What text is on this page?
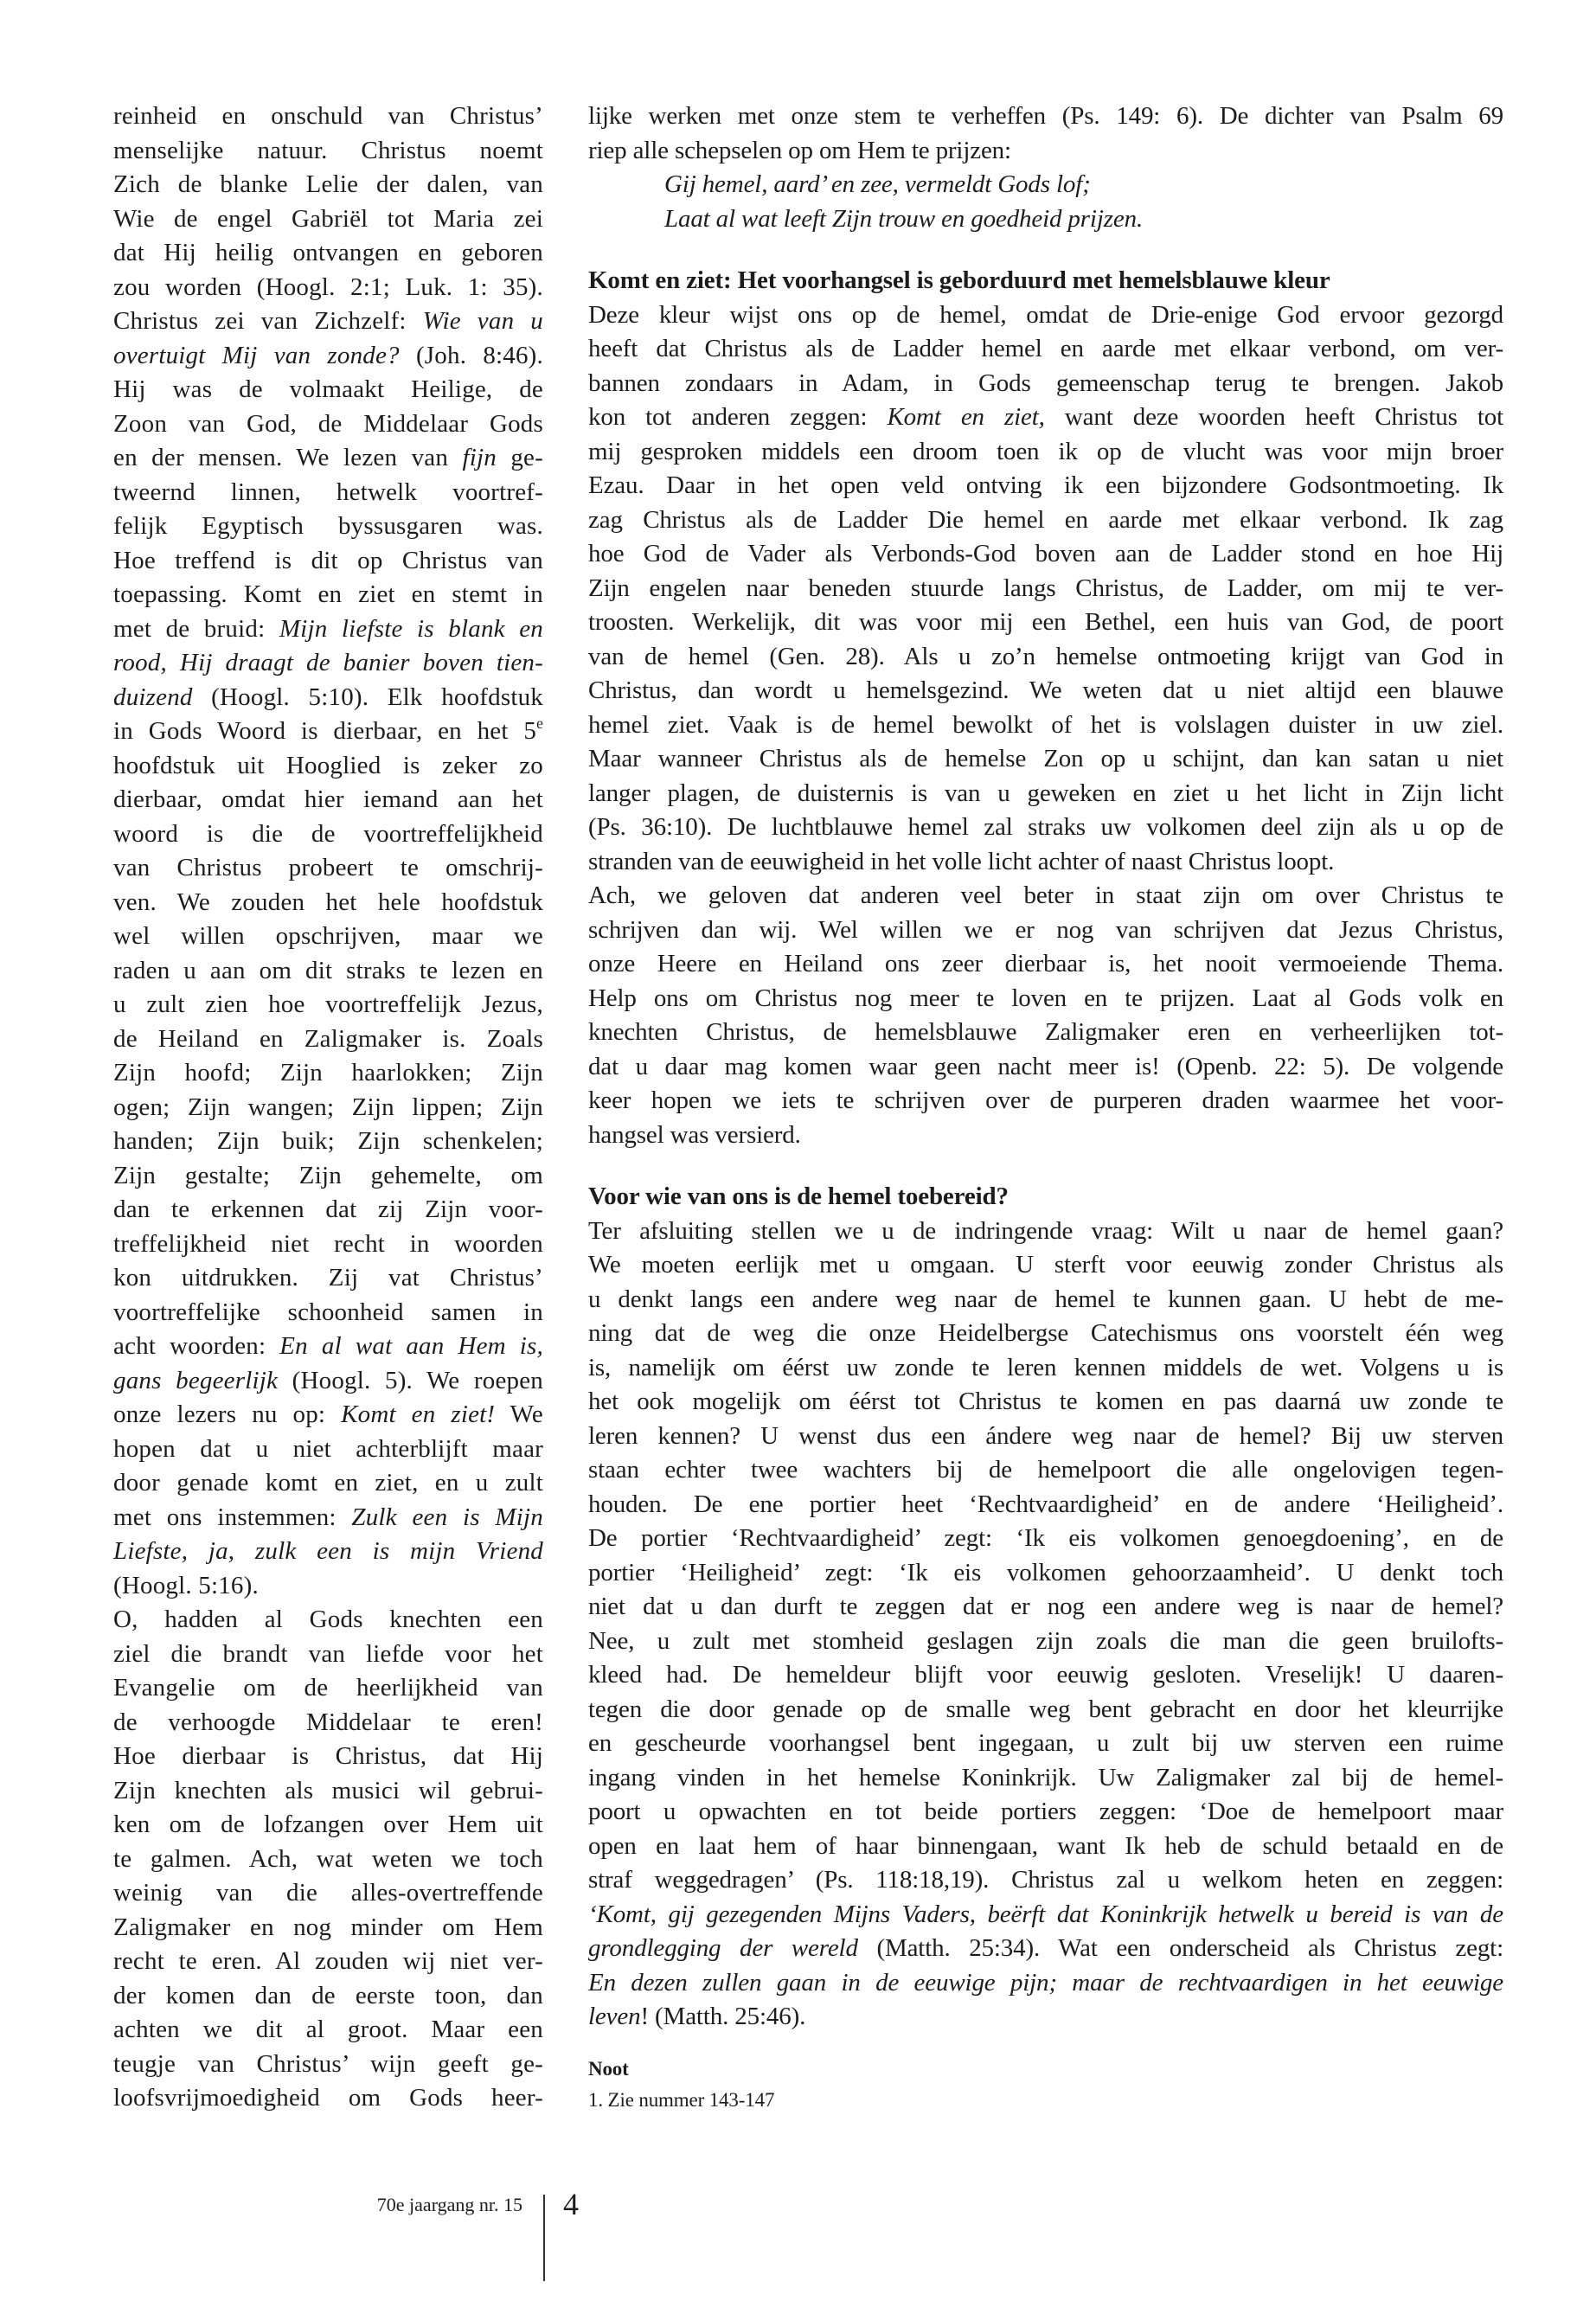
reinheid en onschuld van Christus’
menselijke natuur. Christus noemt
Zich de blanke Lelie der dalen, van
Wie de engel Gabriël tot Maria zei
dat Hij heilig ontvangen en geboren
zou worden (Hoogl. 2:1; Luk. 1: 35).
Christus zei van Zichzelf: Wie van u
overtuigt Mij van zonde? (Joh. 8:46).
Hij was de volmaakt Heilige, de
Zoon van God, de Middelaar Gods
en der mensen. We lezen van fijn ge-
tweernd linnen, hetwelk voortref-
felijk Egyptisch byssusgaren was.
Hoe treffend is dit op Christus van
toepassing. Komt en ziet en stemt in
met de bruid: Mijn liefste is blank en
rood, Hij draagt de banier boven tien-
duizend (Hoogl. 5:10). Elk hoofdstuk
in Gods Woord is dierbaar, en het 5e
hoofdstuk uit Hooglied is zeker zo
dierbaar, omdat hier iemand aan het
woord is die de voortreffelijkheid
van Christus probeert te omschrij-
ven. We zouden het hele hoofdstuk
wel willen opschrijven, maar we
raden u aan om dit straks te lezen en
u zult zien hoe voortreffelijk Jezus,
de Heiland en Zaligmaker is. Zoals
Zijn hoofd; Zijn haarlokken; Zijn
ogen; Zijn wangen; Zijn lippen; Zijn
handen; Zijn buik; Zijn schenkelen;
Zijn gestalte; Zijn gehemelte, om
dan te erkennen dat zij Zijn voor-
treffelijkheid niet recht in woorden
kon uitdrukken. Zij vat Christus’
voortreffelijke schoonheid samen in
acht woorden: En al wat aan Hem is,
gans begeerlijk (Hoogl. 5). We roepen
onze lezers nu op: Komt en ziet! We
hopen dat u niet achterblijft maar
door genade komt en ziet, en u zult
met ons instemmen: Zulk een is Mijn
Liefste, ja, zulk een is mijn Vriend
(Hoogl. 5:16).
O, hadden al Gods knechten een
ziel die brandt van liefde voor het
Evangelie om de heerlijkheid van
de verhoogde Middelaar te eren!
Hoe dierbaar is Christus, dat Hij
Zijn knechten als musici wil gebrui-
ken om de lofzangen over Hem uit
te galmen. Ach, wat weten we toch
weinig van die alles-overtreffende
Zaligmaker en nog minder om Hem
recht te eren. Al zouden wij niet ver-
der komen dan de eerste toon, dan
achten we dit al groot. Maar een
teugje van Christus’ wijn geeft ge-
loofsvrijmoedigheid om Gods heer-
lijke werken met onze stem te verheffen (Ps. 149: 6). De dichter van Psalm 69
riep alle schepselen op om Hem te prijzen:
Gij hemel, aard’ en zee, vermeldt Gods lof;
Laat al wat leeft Zijn trouw en goedheid prijzen.
Komt en ziet: Het voorhangsel is geborduurd met hemelsblauwe kleur
Deze kleur wijst ons op de hemel, omdat de Drie-enige God ervoor gezorgd
heeft dat Christus als de Ladder hemel en aarde met elkaar verbond, om ver-
bannen zondaars in Adam, in Gods gemeenschap terug te brengen. Jakob
kon tot anderen zeggen: Komt en ziet, want deze woorden heeft Christus tot
mij gesproken middels een droom toen ik op de vlucht was voor mijn broer
Ezau. Daar in het open veld ontving ik een bijzondere Godsontmoeting. Ik
zag Christus als de Ladder Die hemel en aarde met elkaar verbond. Ik zag
hoe God de Vader als Verbonds-God boven aan de Ladder stond en hoe Hij
Zijn engelen naar beneden stuurde langs Christus, de Ladder, om mij te ver-
troosten. Werkelijk, dit was voor mij een Bethel, een huis van God, de poort
van de hemel (Gen. 28). Als u zo’n hemelse ontmoeting krijgt van God in
Christus, dan wordt u hemelsgezind. We weten dat u niet altijd een blauwe
hemel ziet. Vaak is de hemel bewolkt of het is volslagen duister in uw ziel.
Maar wanneer Christus als de hemelse Zon op u schijnt, dan kan satan u niet
langer plagen, de duisternis is van u geweken en ziet u het licht in Zijn licht
(Ps. 36:10). De luchtblauwe hemel zal straks uw volkomen deel zijn als u op de
stranden van de eeuwigheid in het volle licht achter of naast Christus loopt.
Ach, we geloven dat anderen veel beter in staat zijn om over Christus te
schrijven dan wij. Wel willen we er nog van schrijven dat Jezus Christus,
onze Heere en Heiland ons zeer dierbaar is, het nooit vermoeiende Thema.
Help ons om Christus nog meer te loven en te prijzen. Laat al Gods volk en
knechten Christus, de hemelsblauwe Zaligmaker eren en verheerlijken tot-
dat u daar mag komen waar geen nacht meer is! (Openb. 22: 5). De volgende
keer hopen we iets te schrijven over de purperen draden waarmee het voor-
hangsel was versierd.
Voor wie van ons is de hemel toebereid?
Ter afsluiting stellen we u de indringende vraag: Wilt u naar de hemel gaan?
We moeten eerlijk met u omgaan. U sterft voor eeuwig zonder Christus als
u denkt langs een andere weg naar de hemel te kunnen gaan. U hebt de me-
ning dat de weg die onze Heidelbergse Catechismus ons voorstelt één weg
is, namelijk om éérst uw zonde te leren kennen middels de wet. Volgens u is
het ook mogelijk om éérst tot Christus te komen en pas daarná uw zonde te
leren kennen? U wenst dus een ándere weg naar de hemel? Bij uw sterven
staan echter twee wachters bij de hemelpoort die alle ongelovigen tegen-
houden. De ene portier heet ‘Rechtvaardigheid’ en de andere ‘Heiligheid’.
De portier ‘Rechtvaardigheid’ zegt: ‘Ik eis volkomen genoegdoening’, en de
portier ‘Heiligheid’ zegt: ‘Ik eis volkomen gehoorzaamheid’. U denkt toch
niet dat u dan durft te zeggen dat er nog een andere weg is naar de hemel?
Nee, u zult met stomheid geslagen zijn zoals die man die geen bruilofts-
kleed had. De hemeldeur blijft voor eeuwig gesloten. Vreselijk! U daaren-
tegen die door genade op de smalle weg bent gebracht en door het kleurrijke
en gescheurde voorhangsel bent ingegaan, u zult bij uw sterven een ruime
ingang vinden in het hemelse Koninkrijk. Uw Zaligmaker zal bij de hemel-
poort u opwachten en tot beide portiers zeggen: ‘Doe de hemelpoort maar
open en laat hem of haar binnengaan, want Ik heb de schuld betaald en de
straf weggedragen’ (Ps. 118:18,19). Christus zal u welkom heten en zeggen:
‘Komt, gij gezegenden Mijns Vaders, beërft dat Koninkrijk hetwelk u bereid is van de
grondlegging der wereld (Matth. 25:34). Wat een onderscheid als Christus zegt:
En dezen zullen gaan in de eeuwige pijn; maar de rechtvaardigen in het eeuwige
leven! (Matth. 25:46).
Noot
1. Zie nummer 143-147
70e jaargang nr. 15 4
